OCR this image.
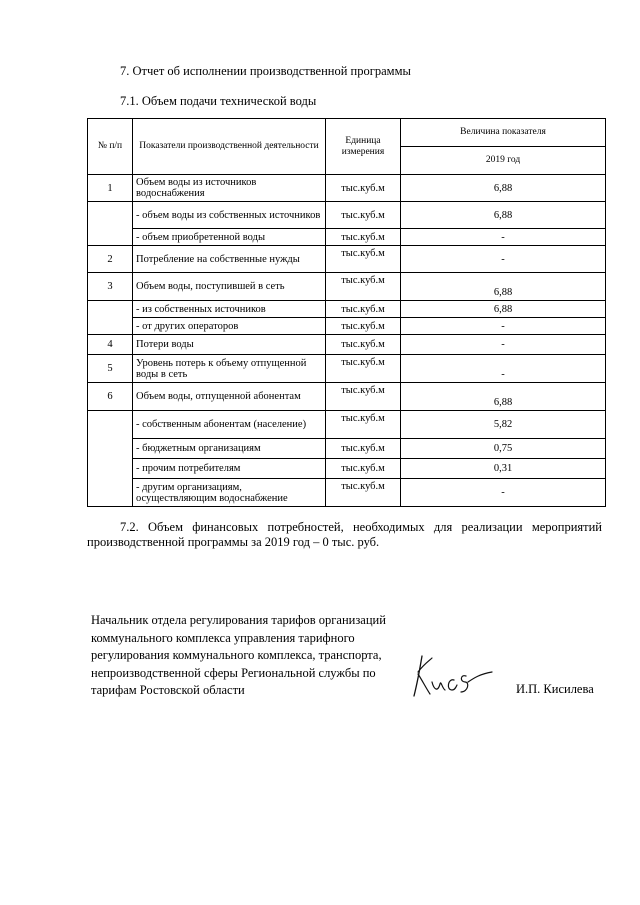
7. Отчет об исполнении производственной программы
7.1. Объем подачи технической воды
№ п/п	Показатели производственной деятельности	Единица измерения	Величина показателя
			2019 год
1	Объем воды из источников водоснабжения	тыс.куб.м	6,88
	- объем воды из собственных источников	тыс.куб.м	6,88
	- объем приобретенной воды	тыс.куб.м	-
2	Потребление на собственные нужды	тыс.куб.м	-
3	Объем воды, поступившей в сеть	тыс.куб.м	6,88
	- из собственных источников	тыс.куб.м	6,88
	- от других операторов	тыс.куб.м	-
4	Потери воды	тыс.куб.м	-
5	Уровень потерь к объему отпущенной воды в сеть	тыс.куб.м	-
6	Объем воды, отпущенной абонентам	тыс.куб.м	6,88
	- собственным абонентам (население)	тыс.куб.м	5,82
	- бюджетным организациям	тыс.куб.м	0,75
	- прочим потребителям	тыс.куб.м	0,31
	- другим организациям, осуществляющим водоснабжение	тыс.куб.м	-
7.2. Объем финансовых потребностей, необходимых для реализации мероприятий производственной программы за 2019 год – 0 тыс. руб.
Начальник отдела регулирования тарифов организаций
коммунального комплекса управления тарифного
регулирования коммунального комплекса, транспорта,
непроизводственной сферы Региональной службы по
тарифам Ростовской области	И.П. Кисилева
